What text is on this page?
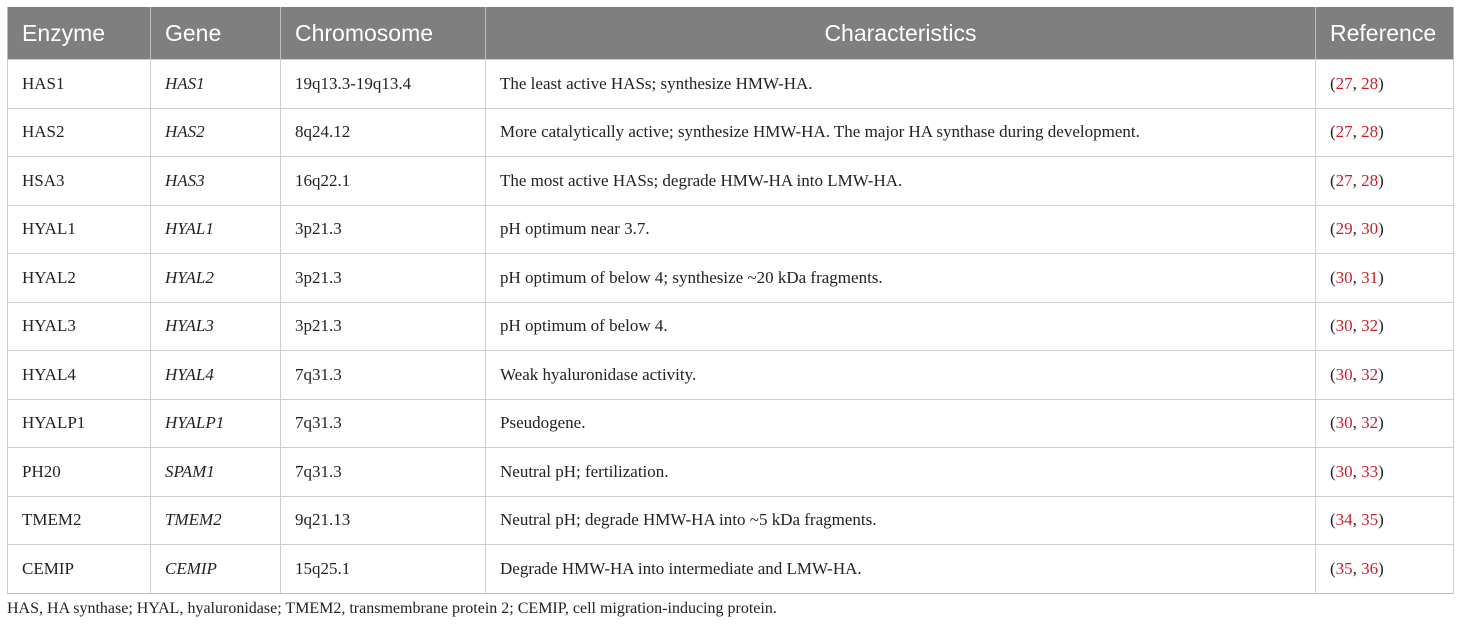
Enzyme	Gene	Chromosome	Characteristics	Reference
HAS1	HAS1	19q13.3-19q13.4	The least active HASs; synthesize HMW-HA.	(27, 28)
HAS2	HAS2	8q24.12	More catalytically active; synthesize HMW-HA. The major HA synthase during development.	(27, 28)
HSA3	HAS3	16q22.1	The most active HASs; degrade HMW-HA into LMW-HA.	(27, 28)
HYAL1	HYAL1	3p21.3	pH optimum near 3.7.	(29, 30)
HYAL2	HYAL2	3p21.3	pH optimum of below 4; synthesize ~20 kDa fragments.	(30, 31)
HYAL3	HYAL3	3p21.3	pH optimum of below 4.	(30, 32)
HYAL4	HYAL4	7q31.3	Weak hyaluronidase activity.	(30, 32)
HYALP1	HYALP1	7q31.3	Pseudogene.	(30, 32)
PH20	SPAM1	7q31.3	Neutral pH; fertilization.	(30, 33)
TMEM2	TMEM2	9q21.13	Neutral pH; degrade HMW-HA into ~5 kDa fragments.	(34, 35)
CEMIP	CEMIP	15q25.1	Degrade HMW-HA into intermediate and LMW-HA.	(35, 36)
HAS, HA synthase; HYAL, hyaluronidase; TMEM2, transmembrane protein 2; CEMIP, cell migration-inducing protein.
